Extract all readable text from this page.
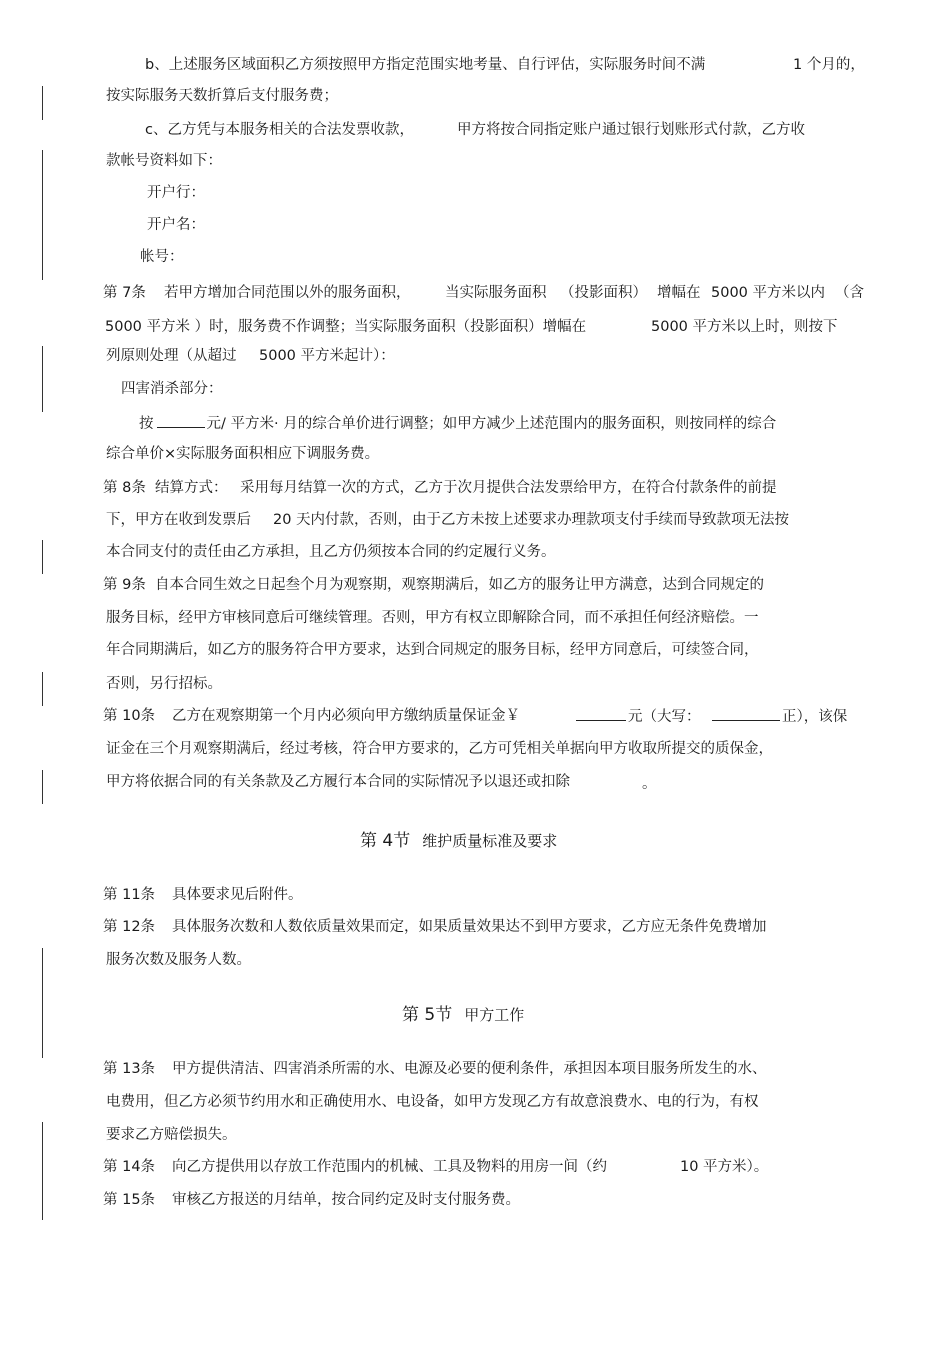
b、上述服务区域面积乙方须按照甲方指定范围实地考量、自行评估，实际服务时间不满	1 个月的，
按实际服务天数折算后支付服务费；
c、乙方凭与本服务相关的合法发票收款，	甲方将按合同指定账户通过银行划账形式付款，乙方收
款帐号资料如下：
开户行：
开户名：
帐号：
第 7条 若甲方增加合同范围以外的服务面积， 当实际服务面积 （投影面积） 增幅在 5000 平方米以内 （含
5000 平方米 ）时，服务费不作调整；当实际服务面积（投影面积）增幅在	5000 平方米以上时，则按下
列原则处理（从超过 5000 平方米起计）：
四害消杀部分：
按	元/ 平方米· 月的综合单价进行调整；如甲方减少上述范围内的服务面积，则按同样的综合
综合单价×实际服务面积相应下调服务费。
第 8条 结算方式： 采用每月结算一次的方式，乙方于次月提供合法发票给甲方，在符合付款条件的前提
下，甲方在收到发票后 20 天内付款，否则，由于乙方未按上述要求办理款项支付手续而导致款项无法按
本合同支付的责任由乙方承担，且乙方仍须按本合同的约定履行义务。
第 9条 自本合同生效之日起叁个月为观察期，观察期满后，如乙方的服务让甲方满意，达到合同规定的
服务目标，经甲方审核同意后可继续管理。否则，甲方有权立即解除合同，而不承担任何经济赔偿。一
年合同期满后，如乙方的服务符合甲方要求，达到合同规定的服务目标，经甲方同意后，可续签合同，
否则，另行招标。
第 10条 乙方在观察期第一个月内必须向甲方缴纳质量保证金￥	元（大写：	正），该保
证金在三个月观察期满后，经过考核，符合甲方要求的，乙方可凭相关单据向甲方收取所提交的质保金，
甲方将依据合同的有关条款及乙方履行本合同的实际情况予以退还或扣除	。
第 4节 维护质量标准及要求
第 11条 具体要求见后附件。
第 12条 具体服务次数和人数依质量效果而定，如果质量效果达不到甲方要求，乙方应无条件免费增加
服务次数及服务人数。
第 5节 甲方工作
第 13条 甲方提供清洁、四害消杀所需的水、电源及必要的便利条件，承担因本项目服务所发生的水、
电费用，但乙方必须节约用水和正确使用水、电设备，如甲方发现乙方有故意浪费水、电的行为，有权
要求乙方赔偿损失。
第 14条 向乙方提供用以存放工作范围内的机械、工具及物料的用房一间（约	10 平方米）。
第 15条 审核乙方报送的月结单，按合同约定及时支付服务费。
